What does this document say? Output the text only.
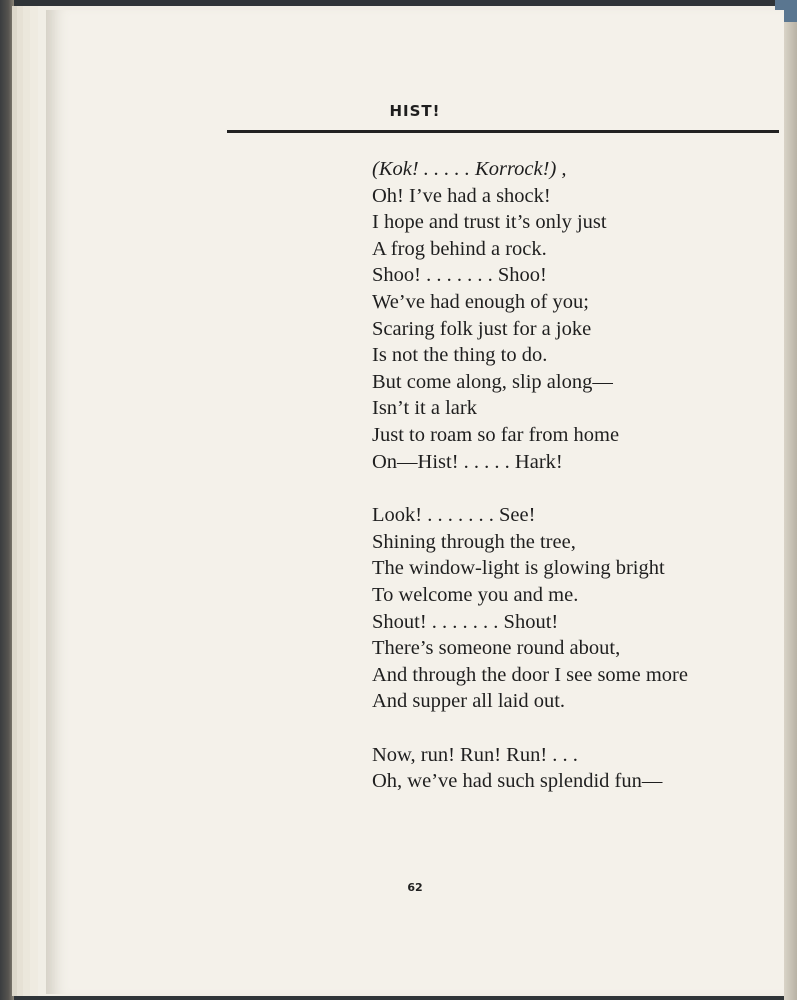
HIST!
(Kok! . . . . . Korrock!) ,
Oh! I’ve had a shock!
I hope and trust it’s only just
A frog behind a rock.
Shoo! . . . . . . . Shoo!
We’ve had enough of you;
Scaring folk just for a joke
Is not the thing to do.
But come along, slip along—
Isn’t it a lark
Just to roam so far from home
On—Hist! . . . . . Hark!
Look! . . . . . . . See!
Shining through the tree,
The window-light is glowing bright
To welcome you and me.
Shout! . . . . . . . Shout!
There’s someone round about,
And through the door I see some more
And supper all laid out.
Now, run! Run! Run! . . .
Oh, we’ve had such splendid fun—
62
